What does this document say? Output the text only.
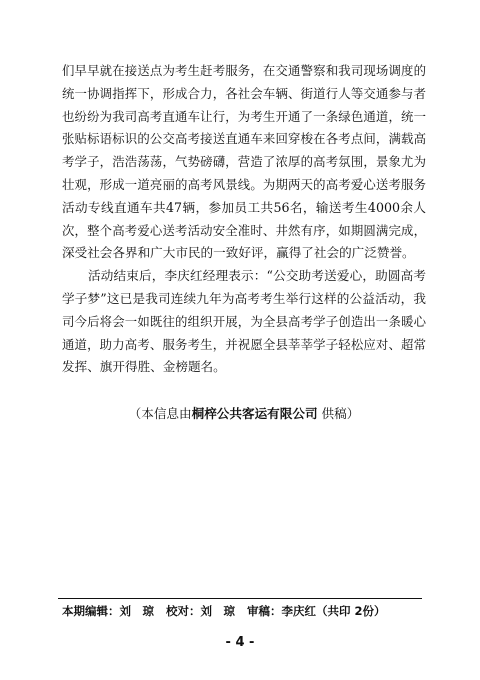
们早早就在接送点为考生赶考服务，在交通警察和我司现场调度的
统一协调指挥下，形成合力，各社会车辆、街道行人等交通参与者
也纷纷为我司高考直通车让行，为考生开通了一条绿色通道，统一
张贴标语标识的公交高考接送直通车来回穿梭在各考点间，满载高
考学子，浩浩荡荡，气势磅礴，营造了浓厚的高考氛围，景象尤为
壮观，形成一道亮丽的高考风景线。为期两天的高考爱心送考服务
活动专线直通车共47辆，参加员工共56名，输送考生4000余人
次，整个高考爱心送考活动安全准时、井然有序，如期圆满完成，
深受社会各界和广大市民的一致好评，赢得了社会的广泛赞誉。
活动结束后，李庆红经理表示：“公交助考送爱心，助圆高考
学子梦”这已是我司连续九年为高考考生举行这样的公益活动，我
司今后将会一如既往的组织开展，为全县高考学子创造出一条暖心
通道，助力高考、服务考生，并祝愿全县莘莘学子轻松应对、超常
发挥、旗开得胜、金榜题名。
（本信息由桐梓公共客运有限公司 供稿）
本期编辑：刘　琼 校对：刘　琼 审稿：李庆红（共印 2份）
- 4 -
